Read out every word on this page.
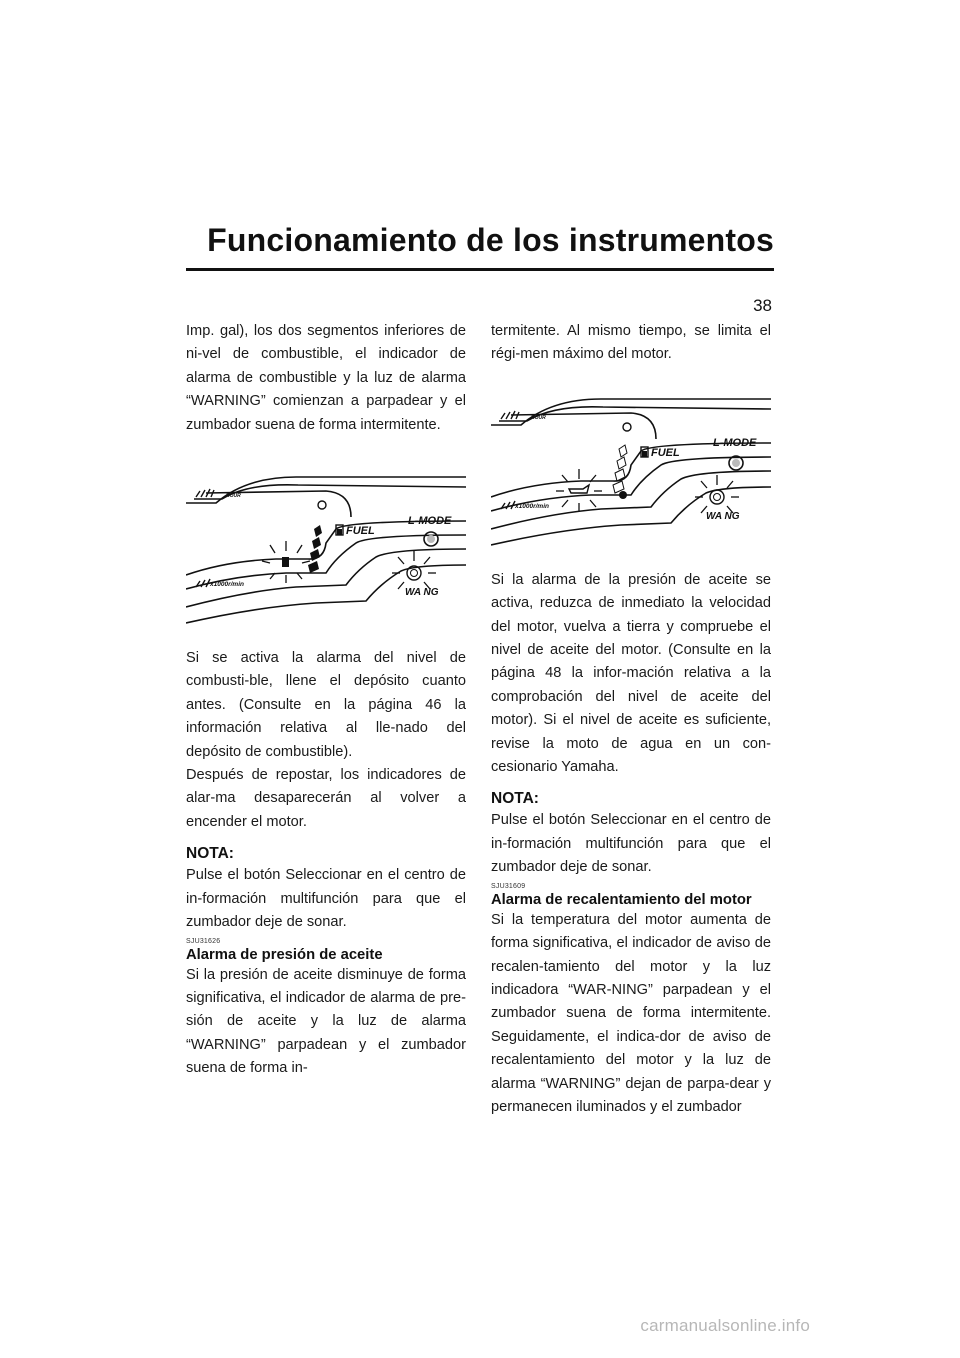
Funcionamiento de los instrumentos
38

Imp. gal), los dos segmentos inferiores de ni-vel de combustible, el indicador de alarma de combustible y la luz de alarma “WARNING” comienzan a parpadear y el zumbador suena de forma intermitente.

HOUR
FUEL
L-MODE
WA NG
x1000r/min

Si se activa la alarma del nivel de combusti-ble, llene el depósito cuanto antes. (Consulte en la página 46 la información relativa al lle-nado del depósito de combustible).

Después de repostar, los indicadores de alar-ma desaparecerán al volver a encender el motor.

NOTA:

Pulse el botón Seleccionar en el centro de in-formación multifunción para que el zumbador deje de sonar.

SJU31626
Alarma de presión de aceite

Si la presión de aceite disminuye de forma significativa, el indicador de alarma de pre-sión de aceite y la luz de alarma “WARNING” parpadean y el zumbador suena de forma in-

termitente. Al mismo tiempo, se limita el régi-men máximo del motor.

HOUR
FUEL
L-MODE
WA NG
x1000r/min

Si la alarma de la presión de aceite se activa, reduzca de inmediato la velocidad del motor, vuelva a tierra y compruebe el nivel de aceite del motor. (Consulte en la página 48 la infor-mación relativa a la comprobación del nivel de aceite del motor). Si el nivel de aceite es suficiente, revise la moto de agua en un con-cesionario Yamaha.

NOTA:

Pulse el botón Seleccionar en el centro de in-formación multifunción para que el zumbador deje de sonar.

SJU31609
Alarma de recalentamiento del motor

Si la temperatura del motor aumenta de forma significativa, el indicador de aviso de recalen-tamiento del motor y la luz indicadora “WAR-NING” parpadean y el zumbador suena de forma intermitente. Seguidamente, el indica-dor de aviso de recalentamiento del motor y la luz de alarma “WARNING” dejan de parpa-dear y permanecen iluminados y el zumbador

carmanualsonline.info
